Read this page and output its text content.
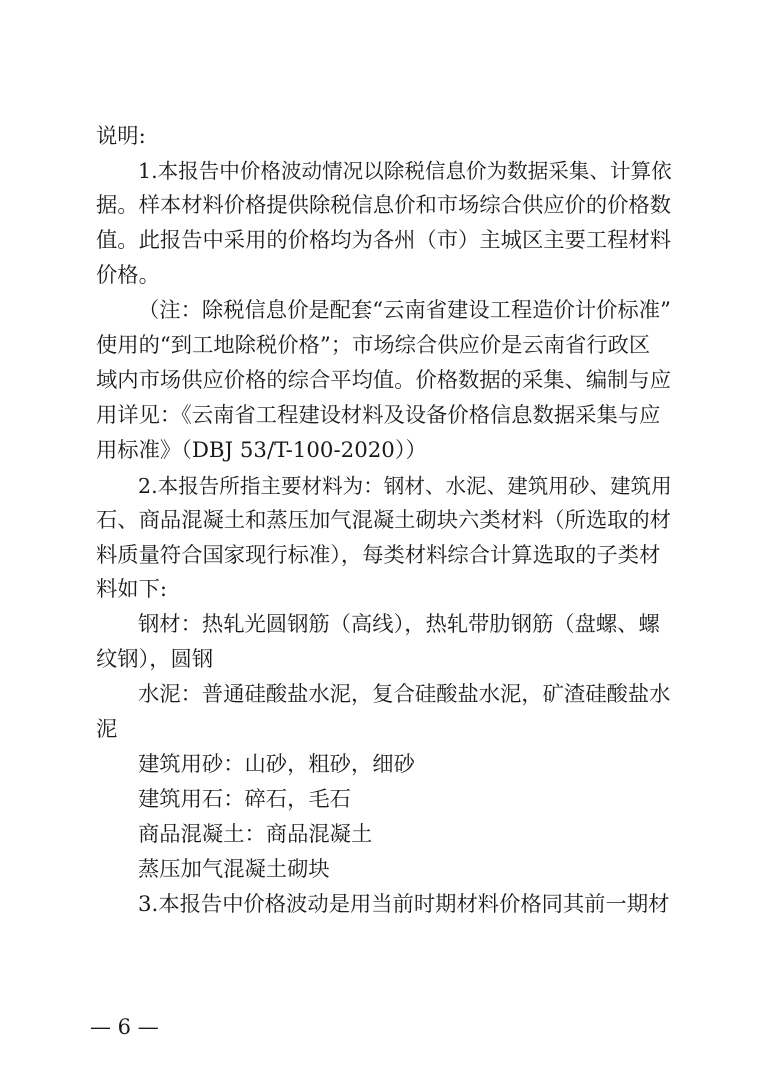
说明:
1.本报告中价格波动情况以除税信息价为数据采集、计算依
据。样本材料价格提供除税信息价和市场综合供应价的价格数
值。此报告中采用的价格均为各州（市）主城区主要工程材料
价格。
（注：除税信息价是配套“云南省建设工程造价计价标准”
使用的“到工地除税价格”；市场综合供应价是云南省行政区
域内市场供应价格的综合平均值。价格数据的采集、编制与应
用详见：《云南省工程建设材料及设备价格信息数据采集与应
用标准》（DBJ 53/T-100-2020））
2.本报告所指主要材料为：钢材、水泥、建筑用砂、建筑用
石、商品混凝土和蒸压加气混凝土砌块六类材料（所选取的材
料质量符合国家现行标准），每类材料综合计算选取的子类材
料如下:
钢材：热轧光圆钢筋（高线），热轧带肋钢筋（盘螺、螺
纹钢），圆钢
水泥：普通硅酸盐水泥，复合硅酸盐水泥，矿渣硅酸盐水
泥
建筑用砂：山砂，粗砂，细砂
建筑用石：碎石，毛石
商品混凝土：商品混凝土
蒸压加气混凝土砌块
3.本报告中价格波动是用当前时期材料价格同其前一期材
— 6 —
